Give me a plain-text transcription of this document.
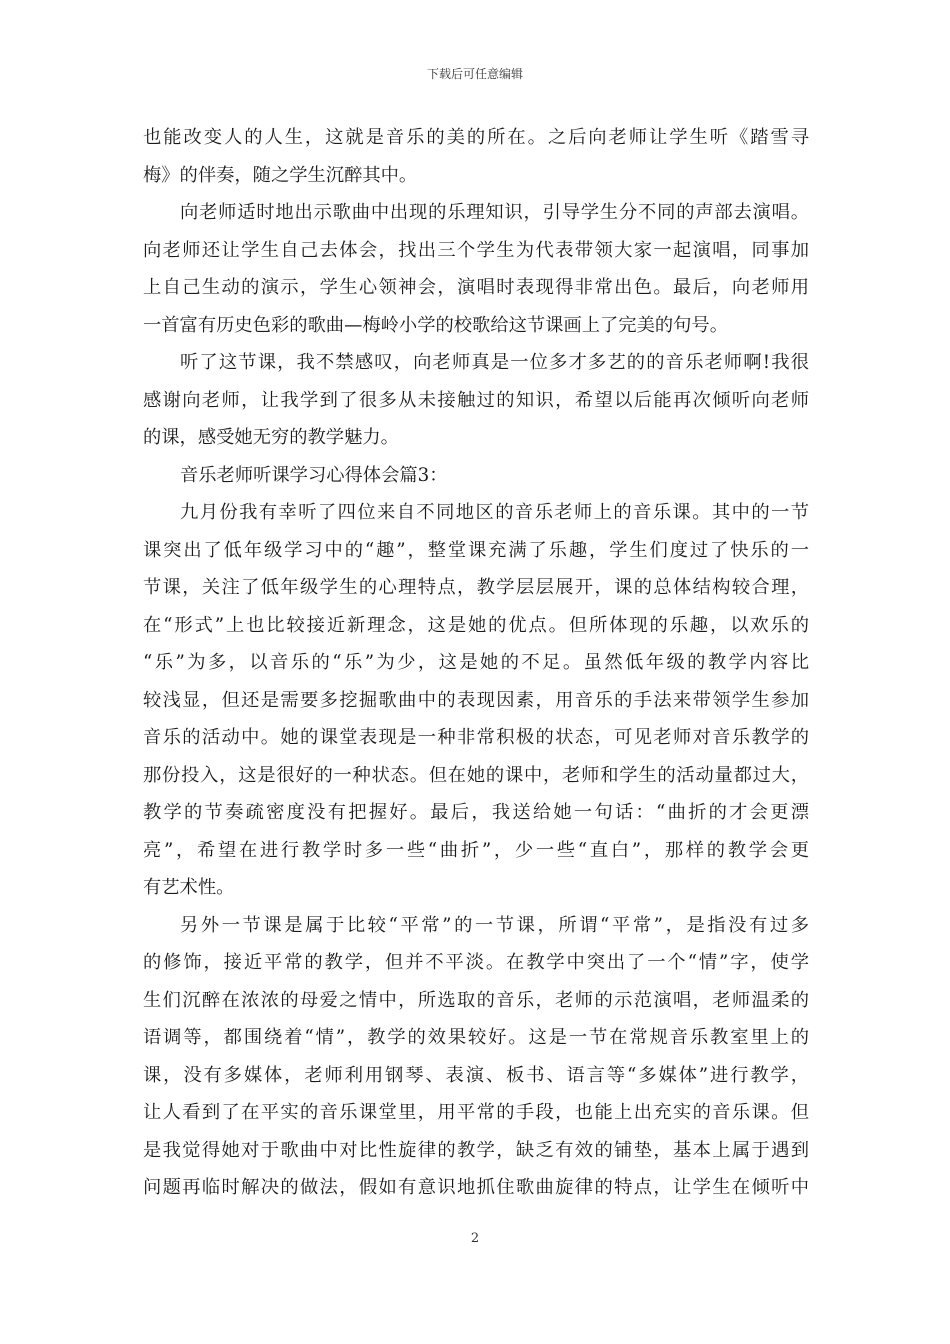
下载后可任意编辑
也能改变人的人生，这就是音乐的美的所在。之后向老师让学生听《踏雪寻
梅》的伴奏，随之学生沉醉其中。
向老师适时地出示歌曲中出现的乐理知识，引导学生分不同的声部去演唱。
向老师还让学生自己去体会，找出三个学生为代表带领大家一起演唱，同事加
上自己生动的演示，学生心领神会，演唱时表现得非常出色。最后，向老师用
一首富有历史色彩的歌曲—梅岭小学的校歌给这节课画上了完美的句号。
听了这节课，我不禁感叹，向老师真是一位多才多艺的的音乐老师啊!我很
感谢向老师，让我学到了很多从未接触过的知识，希望以后能再次倾听向老师
的课，感受她无穷的教学魅力。
音乐老师听课学习心得体会篇3：
九月份我有幸听了四位来自不同地区的音乐老师上的音乐课。其中的一节
课突出了低年级学习中的“趣”，整堂课充满了乐趣，学生们度过了快乐的一
节课，关注了低年级学生的心理特点，教学层层展开，课的总体结构较合理，
在“形式”上也比较接近新理念，这是她的优点。但所体现的乐趣，以欢乐的
“乐”为多，以音乐的“乐”为少，这是她的不足。虽然低年级的教学内容比
较浅显，但还是需要多挖掘歌曲中的表现因素，用音乐的手法来带领学生参加
音乐的活动中。她的课堂表现是一种非常积极的状态，可见老师对音乐教学的
那份投入，这是很好的一种状态。但在她的课中，老师和学生的活动量都过大，
教学的节奏疏密度没有把握好。最后，我送给她一句话：“曲折的才会更漂
亮”，希望在进行教学时多一些“曲折”，少一些“直白”，那样的教学会更
有艺术性。
另外一节课是属于比较“平常”的一节课，所谓“平常”，是指没有过多
的修饰，接近平常的教学，但并不平淡。在教学中突出了一个“情”字，使学
生们沉醉在浓浓的母爱之情中，所选取的音乐，老师的示范演唱，老师温柔的
语调等，都围绕着“情”，教学的效果较好。这是一节在常规音乐教室里上的
课，没有多媒体，老师利用钢琴、表演、板书、语言等“多媒体”进行教学，
让人看到了在平实的音乐课堂里，用平常的手段，也能上出充实的音乐课。但
是我觉得她对于歌曲中对比性旋律的教学，缺乏有效的铺垫，基本上属于遇到
问题再临时解决的做法，假如有意识地抓住歌曲旋律的特点，让学生在倾听中
2
